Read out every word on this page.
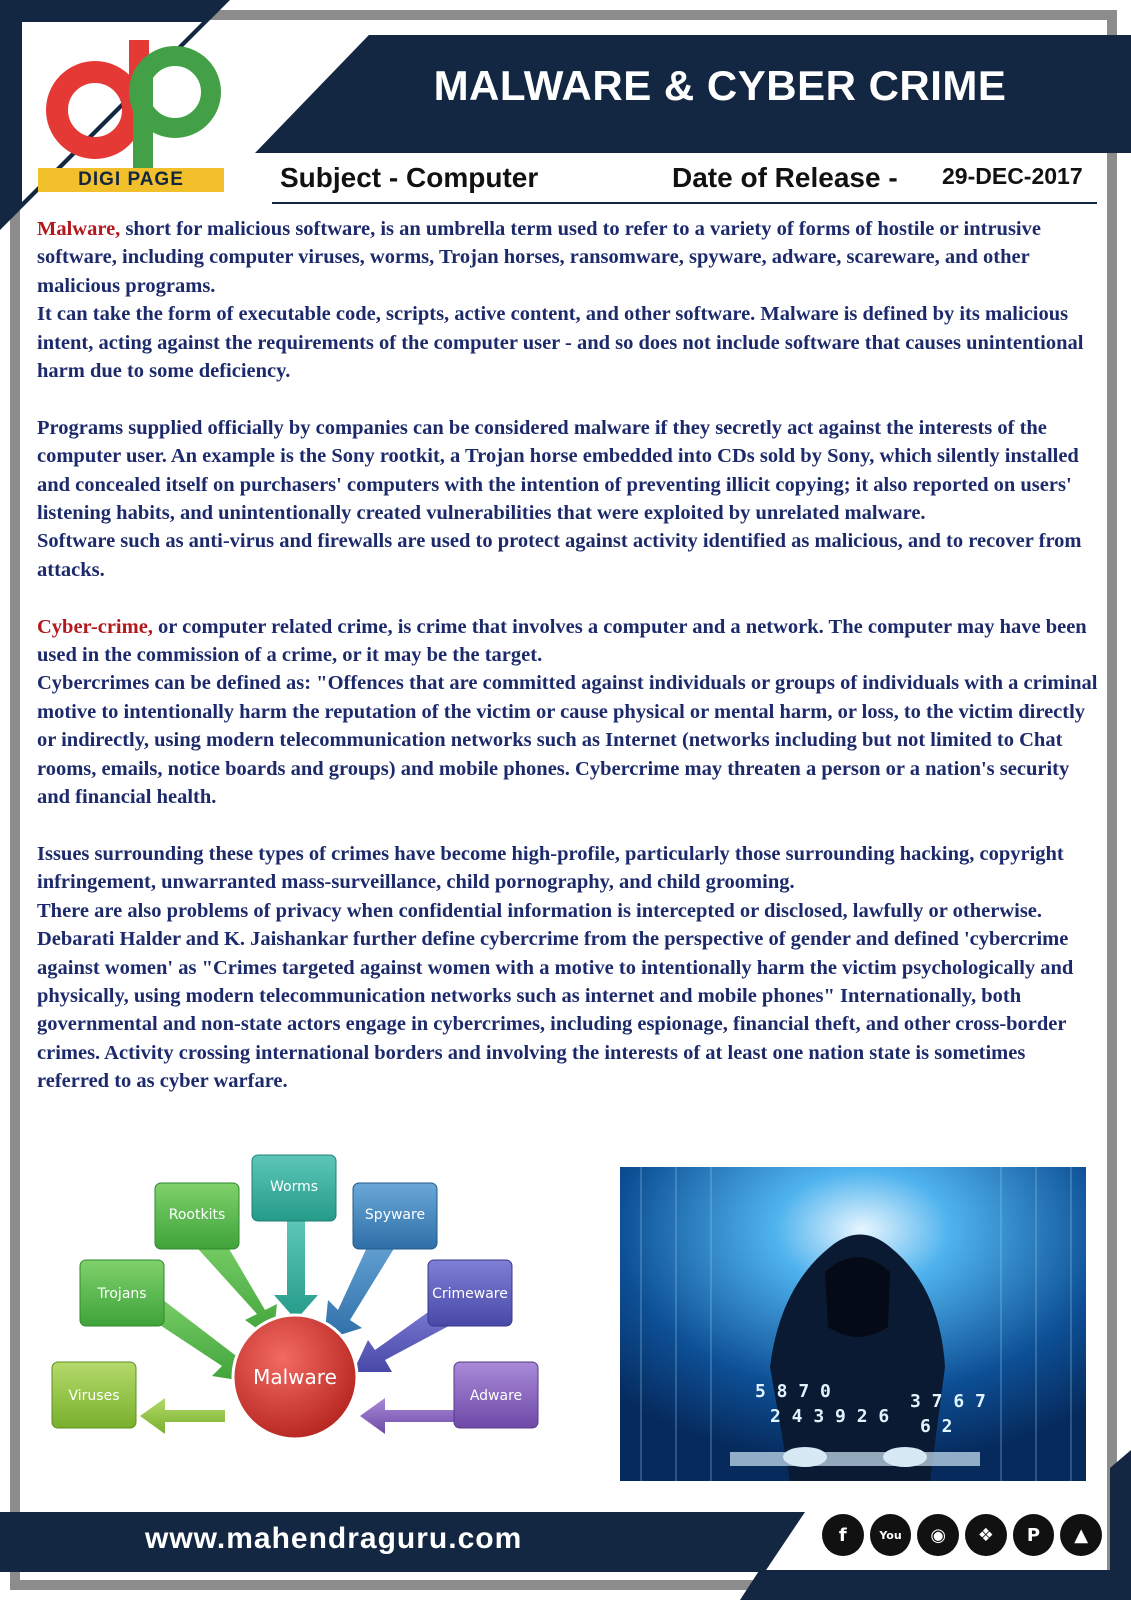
MALWARE & CYBER CRIME
DIGI PAGE	Subject - Computer	Date of Release - 29-DEC-2017

Malware, short for malicious software, is an umbrella term used to refer to a variety of forms of hostile or intrusive software, including computer viruses, worms, Trojan horses, ransomware, spyware, adware, scareware, and other malicious programs.

It can take the form of executable code, scripts, active content, and other software. Malware is defined by its malicious intent, acting against the requirements of the computer user - and so does not include software that causes unintentional harm due to some deficiency.

Programs supplied officially by companies can be considered malware if they secretly act against the interests of the computer user. An example is the Sony rootkit, a Trojan horse embedded into CDs sold by Sony, which silently installed and concealed itself on purchasers' computers with the intention of preventing illicit copying; it also reported on users' listening habits, and unintentionally created vulnerabilities that were exploited by unrelated malware.

Software such as anti-virus and firewalls are used to protect against activity identified as malicious, and to recover from attacks.

Cyber-crime, or computer related crime, is crime that involves a computer and a network. The computer may have been used in the commission of a crime, or it may be the target.

Cybercrimes can be defined as: "Offences that are committed against individuals or groups of individuals with a criminal motive to intentionally harm the reputation of the victim or cause physical or mental harm, or loss, to the victim directly or indirectly, using modern telecommunication networks such as Internet (networks including but not limited to Chat rooms, emails, notice boards and groups) and mobile phones. Cybercrime may threaten a person or a nation's security and financial health.

Issues surrounding these types of crimes have become high-profile, particularly those surrounding hacking, copyright infringement, unwarranted mass-surveillance, child pornography, and child grooming.

There are also problems of privacy when confidential information is intercepted or disclosed, lawfully or otherwise. Debarati Halder and K. Jaishankar further define cybercrime from the perspective of gender and defined 'cybercrime against women' as "Crimes targeted against women with a motive to intentionally harm the victim psychologically and physically, using modern telecommunication networks such as internet and mobile phones" Internationally, both governmental and non-state actors engage in cybercrimes, including espionage, financial theft, and other cross-border crimes. Activity crossing international borders and involving the interests of at least one nation state is sometimes referred to as cyber warfare.

Malware
Worms
Rootkits	Spyware
Trojans	Crimeware
Viruses	Adware	5 8 7 0
2 4 3 9 2 6
3 7 6 7
6 2
www.mahendraguru.com	f	You	◉	❖	P	▲
